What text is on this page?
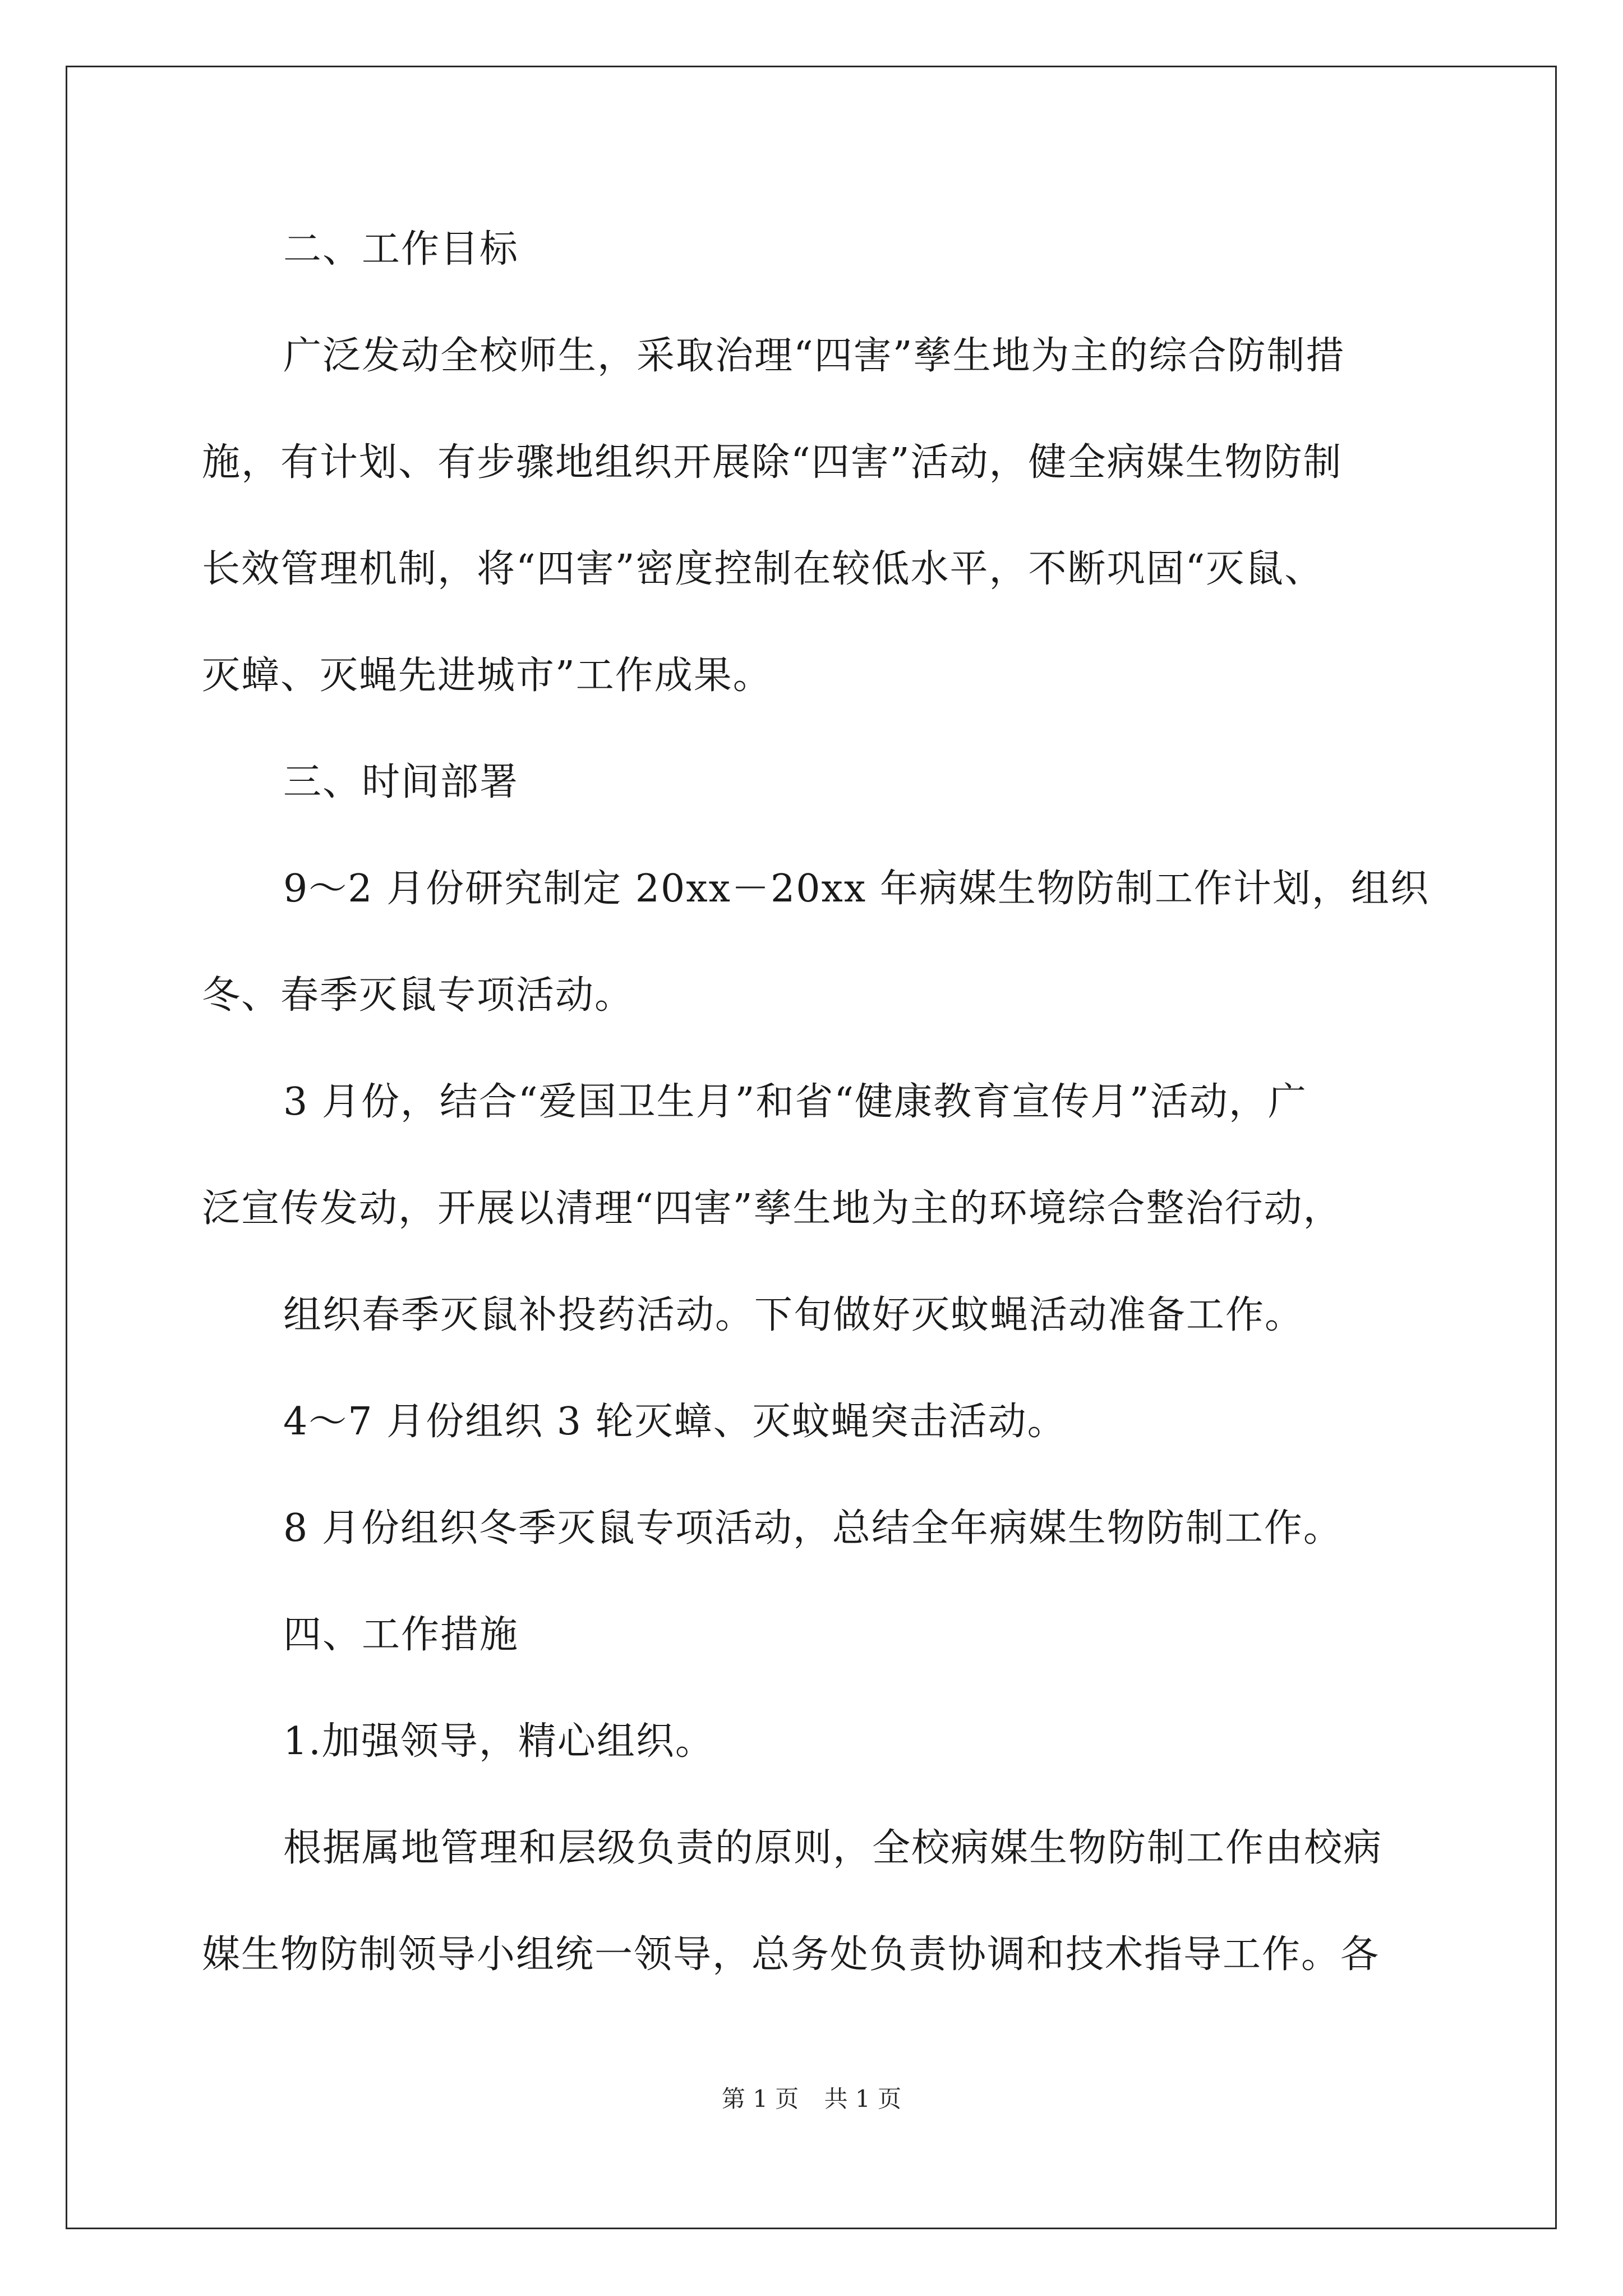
二、工作目标
广泛发动全校师生，采取治理“四害”孳生地为主的综合防制措
施，有计划、有步骤地组织开展除“四害”活动，健全病媒生物防制
长效管理机制，将“四害”密度控制在较低水平，不断巩固“灭鼠、
灭蟑、灭蝇先进城市”工作成果。
三、时间部署
9～2 月份研究制定 20xx－20xx 年病媒生物防制工作计划，组织
冬、春季灭鼠专项活动。
3 月份，结合“爱国卫生月”和省“健康教育宣传月”活动，广
泛宣传发动，开展以清理“四害”孳生地为主的环境综合整治行动，
组织春季灭鼠补投药活动。下旬做好灭蚊蝇活动准备工作。
4～7 月份组织 3 轮灭蟑、灭蚊蝇突击活动。
8 月份组织冬季灭鼠专项活动，总结全年病媒生物防制工作。
四、工作措施
1.加强领导，精心组织。
根据属地管理和层级负责的原则，全校病媒生物防制工作由校病
媒生物防制领导小组统一领导，总务处负责协调和技术指导工作。各
第 1 页 共 1 页
